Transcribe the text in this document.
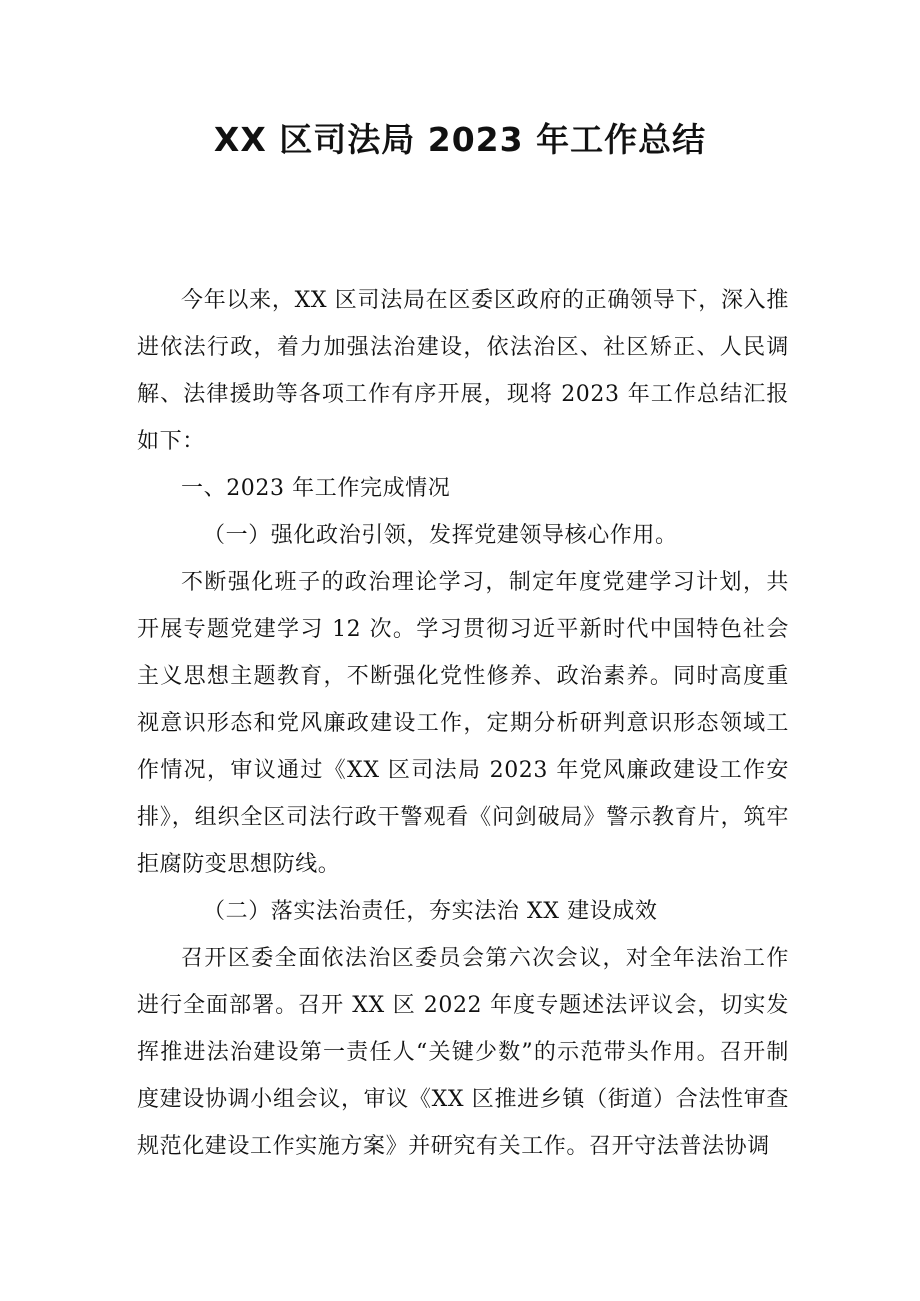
XX 区司法局 2023 年工作总结

今年以来，XX 区司法局在区委区政府的正确领导下，深入推进依法行政，着力加强法治建设，依法治区、社区矫正、人民调解、法律援助等各项工作有序开展，现将 2023 年工作总结汇报如下：

一、2023 年工作完成情况

（一）强化政治引领，发挥党建领导核心作用。

不断强化班子的政治理论学习，制定年度党建学习计划，共开展专题党建学习 12 次。学习贯彻习近平新时代中国特色社会主义思想主题教育，不断强化党性修养、政治素养。同时高度重视意识形态和党风廉政建设工作，定期分析研判意识形态领域工作情况，审议通过《XX 区司法局 2023 年党风廉政建设工作安排》，组织全区司法行政干警观看《问剑破局》警示教育片，筑牢拒腐防变思想防线。

（二）落实法治责任，夯实法治 XX 建设成效

召开区委全面依法治区委员会第六次会议，对全年法治工作进行全面部署。召开 XX 区 2022 年度专题述法评议会，切实发挥推进法治建设第一责任人“关键少数”的示范带头作用。召开制度建设协调小组会议，审议《XX 区推进乡镇（街道）合法性审查规范化建设工作实施方案》并研究有关工作。召开守法普法协调
